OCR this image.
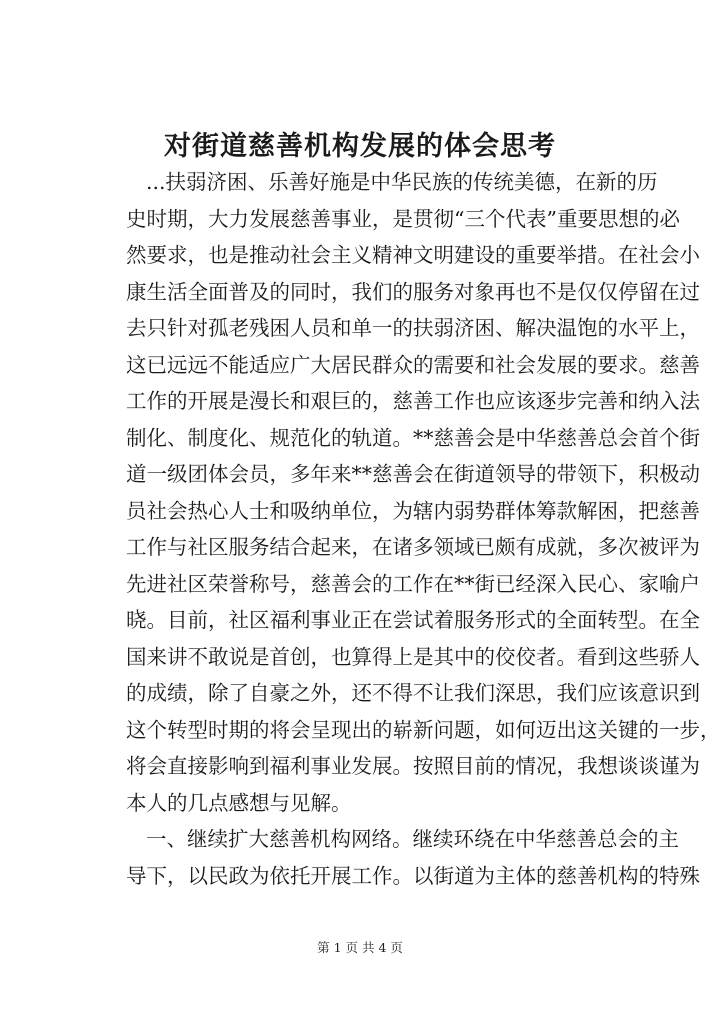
对街道慈善机构发展的体会思考
...扶弱济困、乐善好施是中华民族的传统美德，在新的历
史时期，大力发展慈善事业，是贯彻“三个代表”重要思想的必
然要求，也是推动社会主义精神文明建设的重要举措。在社会小
康生活全面普及的同时，我们的服务对象再也不是仅仅停留在过
去只针对孤老残困人员和单一的扶弱济困、解决温饱的水平上，
这已远远不能适应广大居民群众的需要和社会发展的要求。慈善
工作的开展是漫长和艰巨的，慈善工作也应该逐步完善和纳入法
制化、制度化、规范化的轨道。**慈善会是中华慈善总会首个街
道一级团体会员，多年来**慈善会在街道领导的带领下，积极动
员社会热心人士和吸纳单位，为辖内弱势群体筹款解困，把慈善
工作与社区服务结合起来，在诸多领域已颇有成就，多次被评为
先进社区荣誉称号，慈善会的工作在**街已经深入民心、家喻户
晓。目前，社区福利事业正在尝试着服务形式的全面转型。在全
国来讲不敢说是首创，也算得上是其中的佼佼者。看到这些骄人
的成绩，除了自豪之外，还不得不让我们深思，我们应该意识到
这个转型时期的将会呈现出的崭新问题，如何迈出这关键的一步，
将会直接影响到福利事业发展。按照目前的情况，我想谈谈谨为
本人的几点感想与见解。
一、继续扩大慈善机构网络。继续环绕在中华慈善总会的主
导下，以民政为依托开展工作。以街道为主体的慈善机构的特殊
第 1 页 共 4 页
